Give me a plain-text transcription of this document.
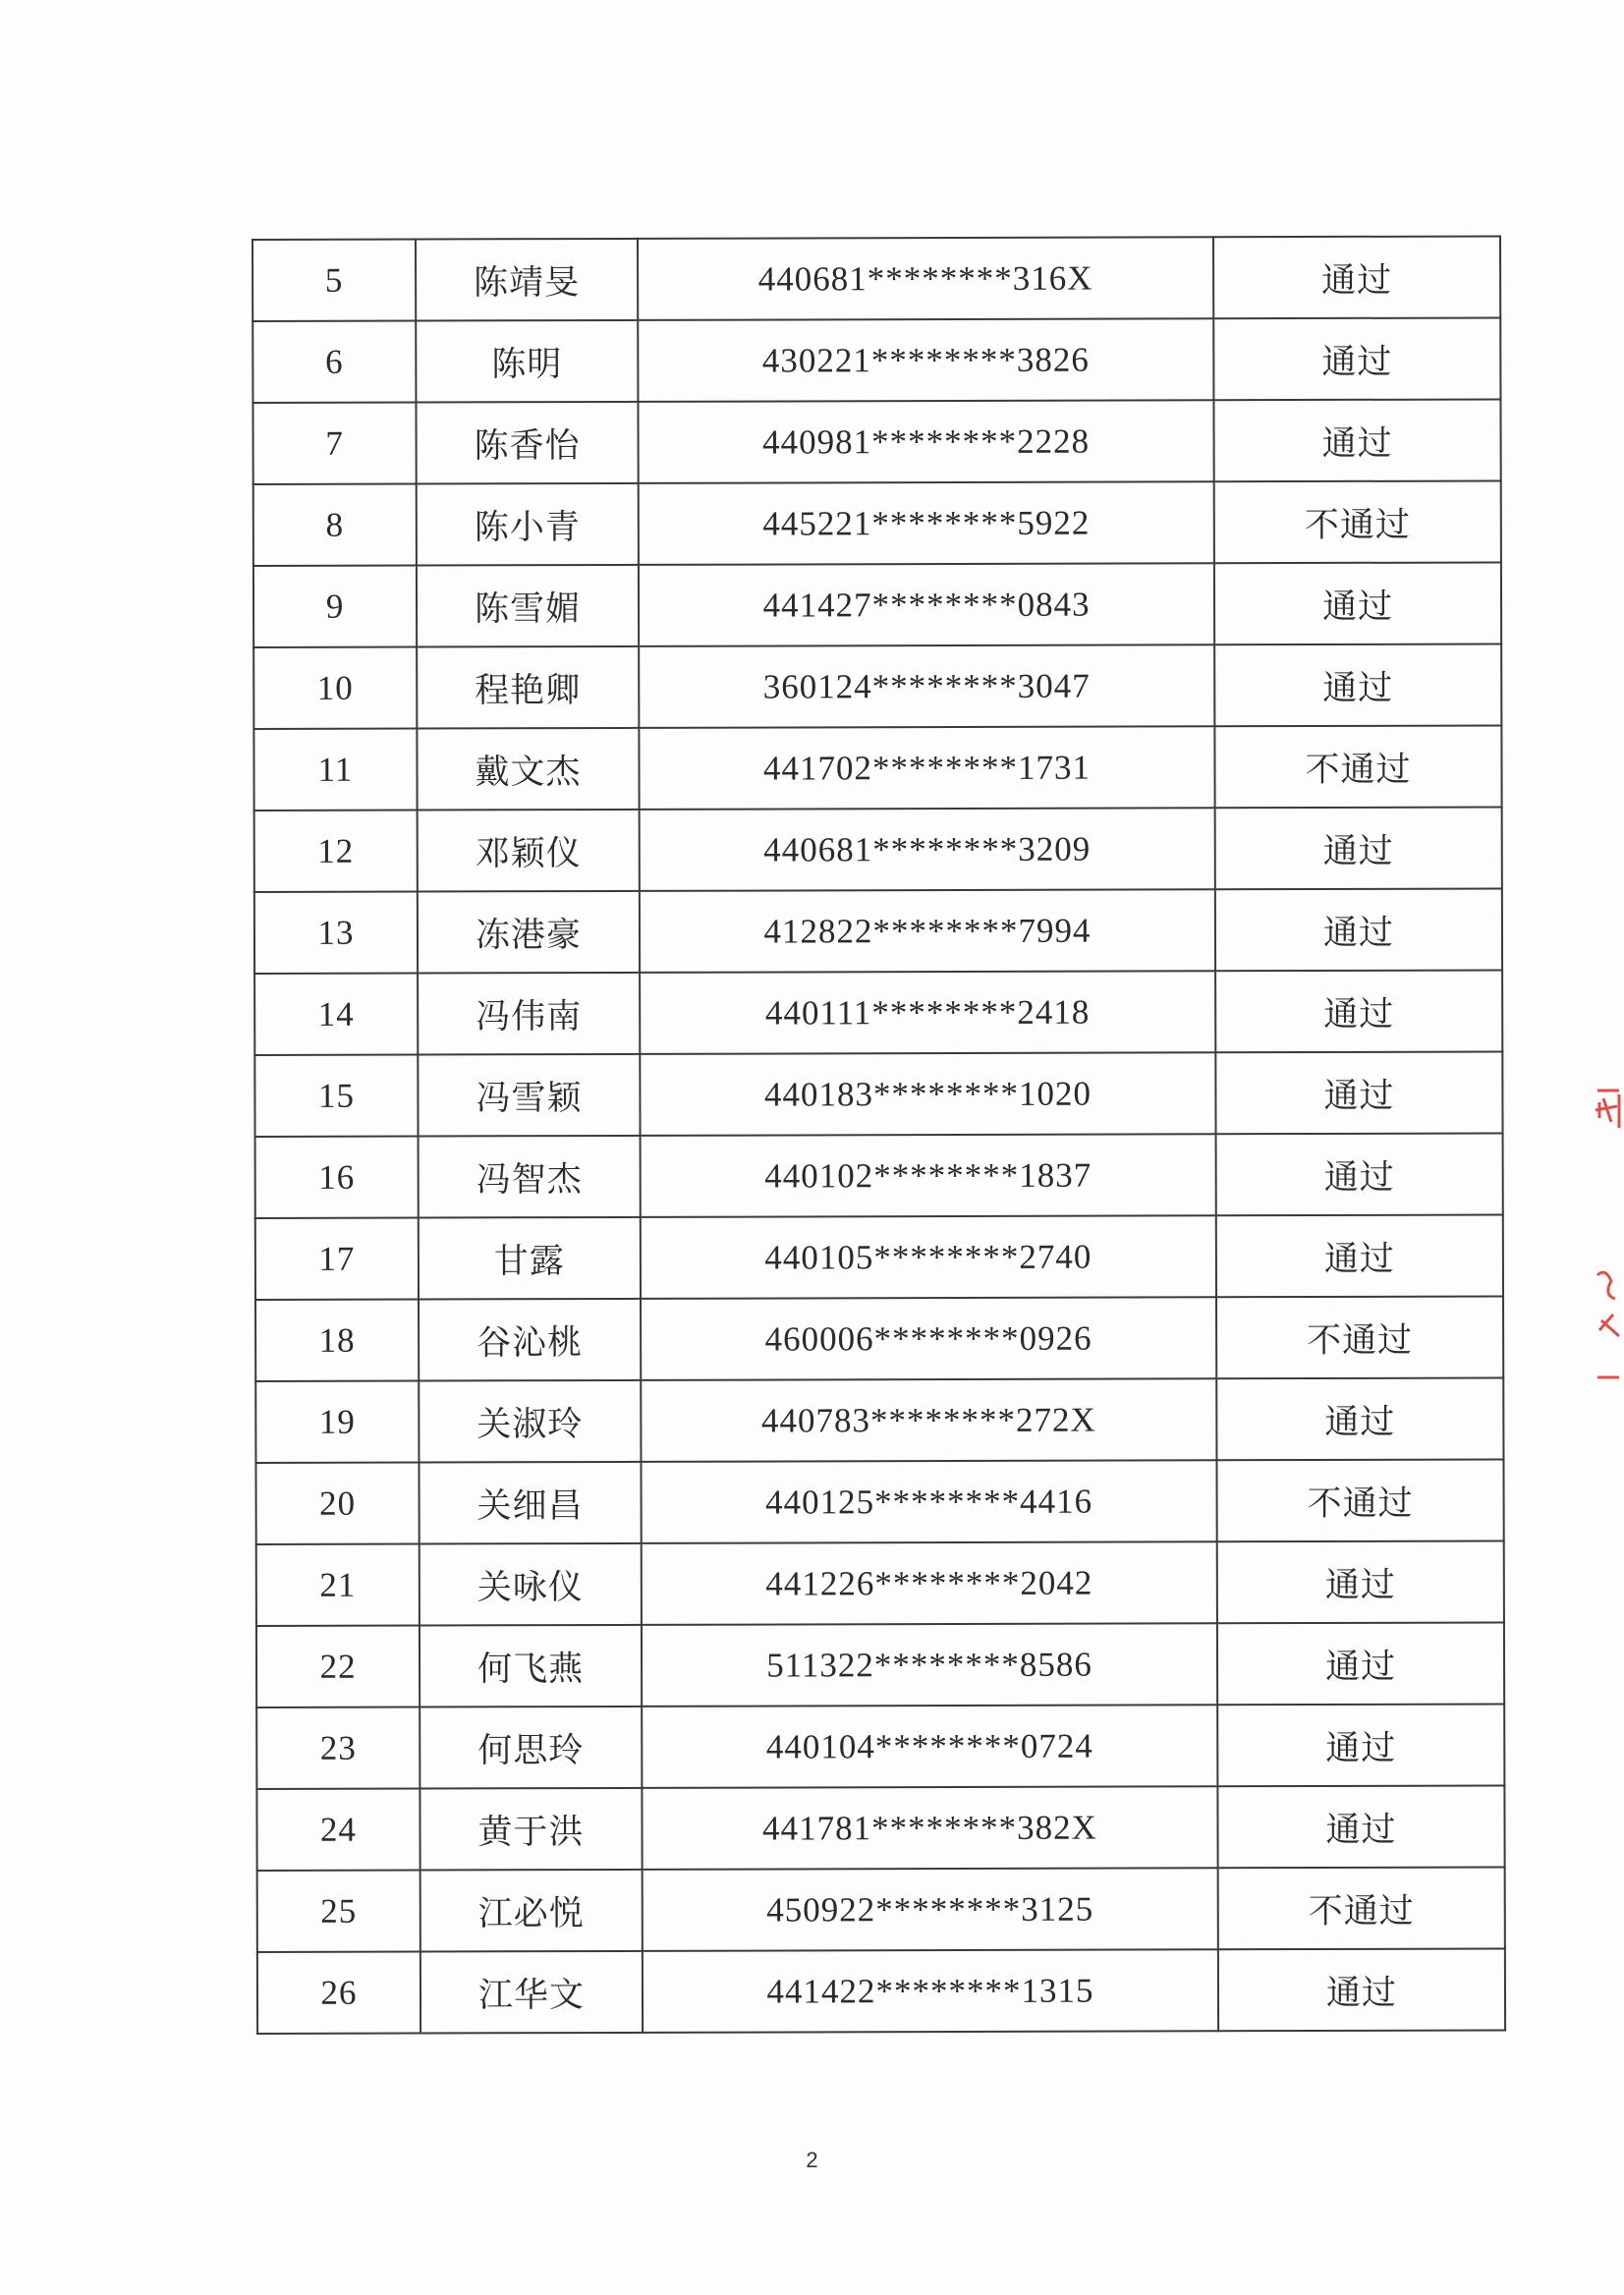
5	陈靖旻	440681********316X	通过
6	陈明	430221********3826	通过
7	陈香怡	440981********2228	通过
8	陈小青	445221********5922	不通过
9	陈雪媚	441427********0843	通过
10	程艳卿	360124********3047	通过
11	戴文杰	441702********1731	不通过
12	邓颖仪	440681********3209	通过
13	冻港豪	412822********7994	通过
14	冯伟南	440111********2418	通过
15	冯雪颖	440183********1020	通过
16	冯智杰	440102********1837	通过
17	甘露	440105********2740	通过
18	谷沁桃	460006********0926	不通过
19	关淑玲	440783********272X	通过
20	关细昌	440125********4416	不通过
21	关咏仪	441226********2042	通过
22	何飞燕	511322********8586	通过
23	何思玲	440104********0724	通过
24	黄于洪	441781********382X	通过
25	江必悦	450922********3125	不通过
26	江华文	441422********1315	通过
2
